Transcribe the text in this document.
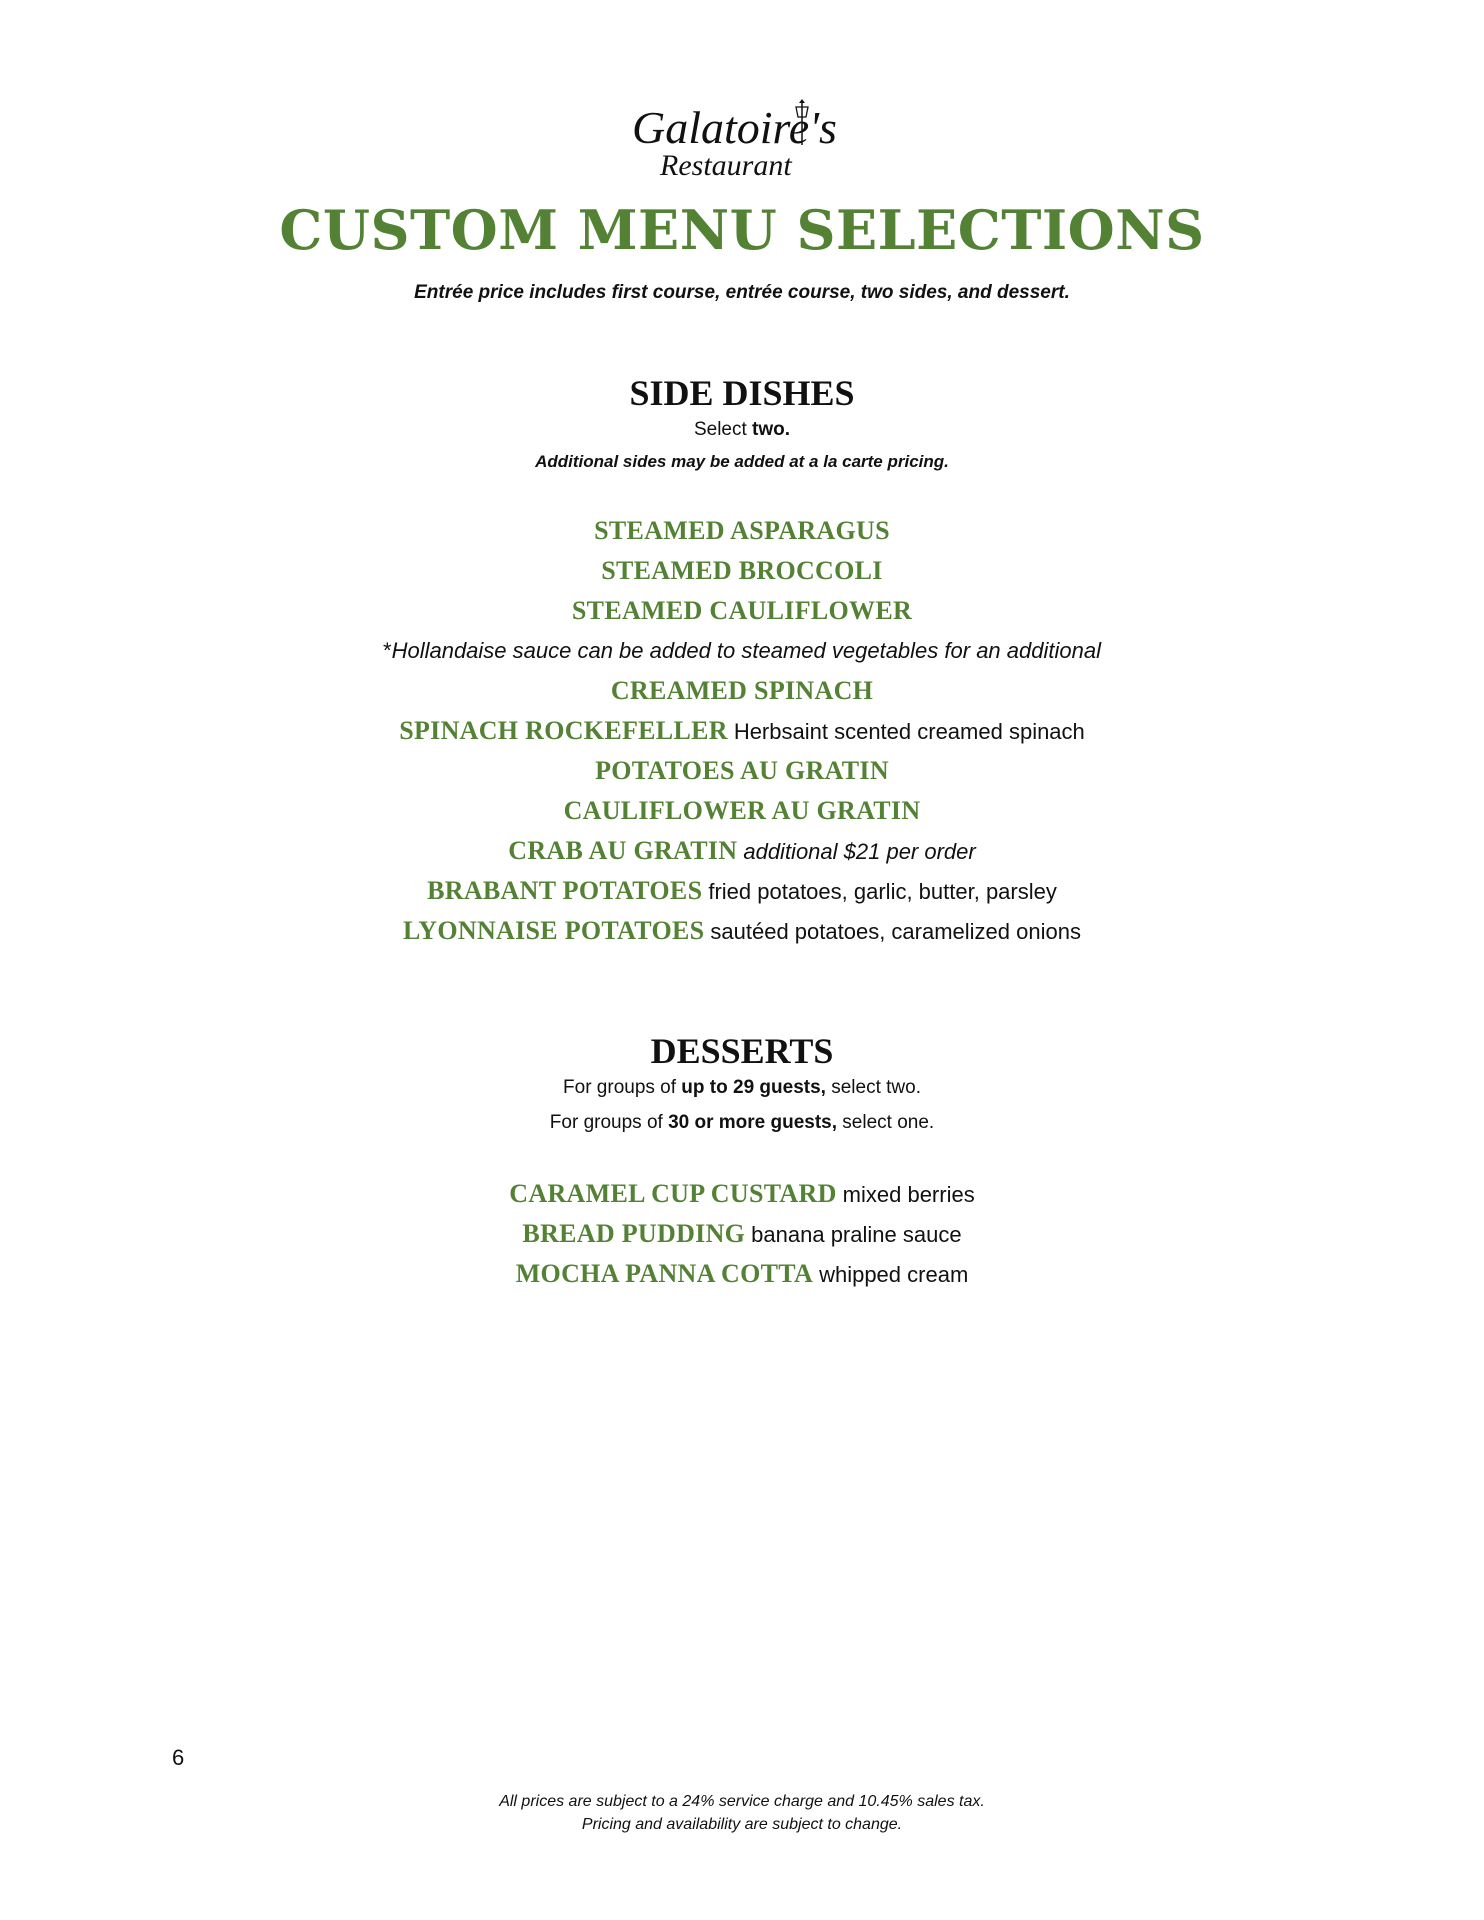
Galatoire's
Restaurant
CUSTOM MENU SELECTIONS
Entrée price includes first course, entrée course, two sides, and dessert.
SIDE DISHES
Select two.
Additional sides may be added at a la carte pricing.
STEAMED ASPARAGUS
STEAMED BROCCOLI
STEAMED CAULIFLOWER
*Hollandaise sauce can be added to steamed vegetables for an additional
CREAMED SPINACH
SPINACH ROCKEFELLER Herbsaint scented creamed spinach
POTATOES AU GRATIN
CAULIFLOWER AU GRATIN
CRAB AU GRATIN additional $21 per order
BRABANT POTATOES fried potatoes, garlic, butter, parsley
LYONNAISE POTATOES sautéed potatoes, caramelized onions
DESSERTS
For groups of up to 29 guests, select two.
For groups of 30 or more guests, select one.
CARAMEL CUP CUSTARD mixed berries
BREAD PUDDING banana praline sauce
MOCHA PANNA COTTA whipped cream
6
All prices are subject to a 24% service charge and 10.45% sales tax.
Pricing and availability are subject to change.
